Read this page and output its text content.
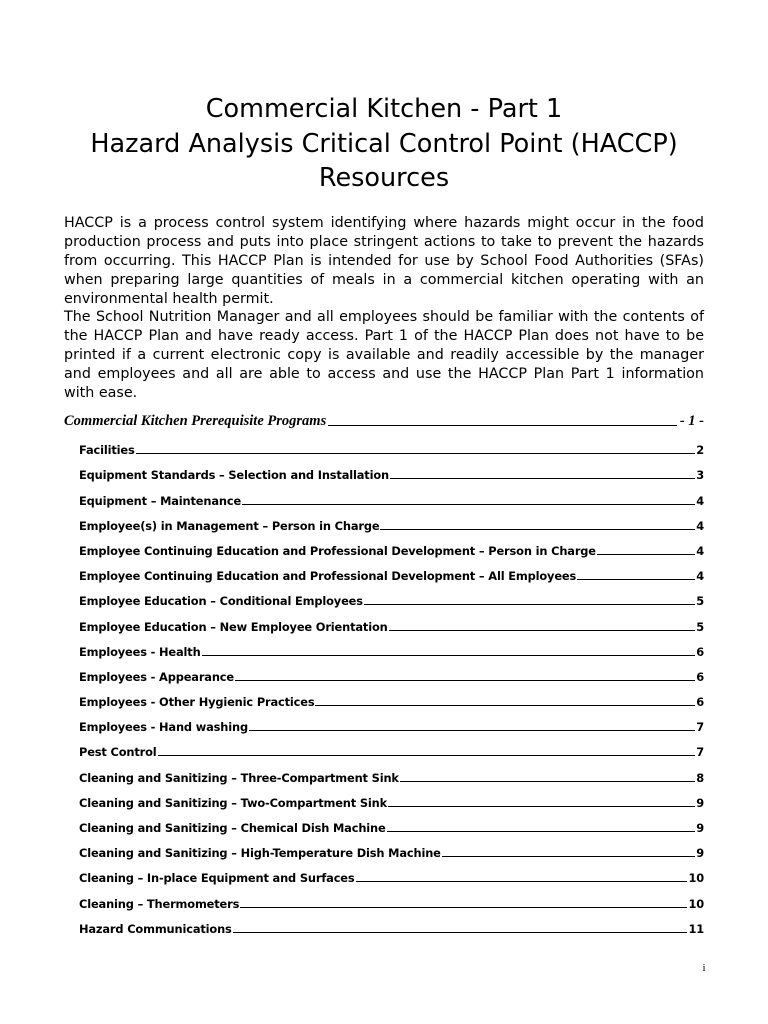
Commercial Kitchen - Part 1

Hazard Analysis Critical Control Point (HACCP)

Resources

HACCP is a process control system identifying where hazards might occur in the food production process and puts into place stringent actions to take to prevent the hazards from occurring. This HACCP Plan is intended for use by School Food Authorities (SFAs) when preparing large quantities of meals in a commercial kitchen operating with an environmental health permit.

The School Nutrition Manager and all employees should be familiar with the contents of the HACCP Plan and have ready access. Part 1 of the HACCP Plan does not have to be printed if a current electronic copy is available and readily accessible by the manager and employees and all are able to access and use the HACCP Plan Part 1 information with ease.

Commercial Kitchen Prerequisite Programs	- 1 -
Facilities	2
Equipment Standards – Selection and Installation	3
Equipment – Maintenance	4
Employee(s) in Management – Person in Charge	4
Employee Continuing Education and Professional Development – Person in Charge	4
Employee Continuing Education and Professional Development – All Employees	4
Employee Education – Conditional Employees	5
Employee Education – New Employee Orientation	5
Employees - Health	6
Employees - Appearance	6
Employees - Other Hygienic Practices	6
Employees - Hand washing	7
Pest Control	7
Cleaning and Sanitizing – Three-Compartment Sink	8
Cleaning and Sanitizing – Two-Compartment Sink	9
Cleaning and Sanitizing – Chemical Dish Machine	9
Cleaning and Sanitizing – High-Temperature Dish Machine	9
Cleaning – In-place Equipment and Surfaces	10
Cleaning – Thermometers	10
Hazard Communications	11
i
